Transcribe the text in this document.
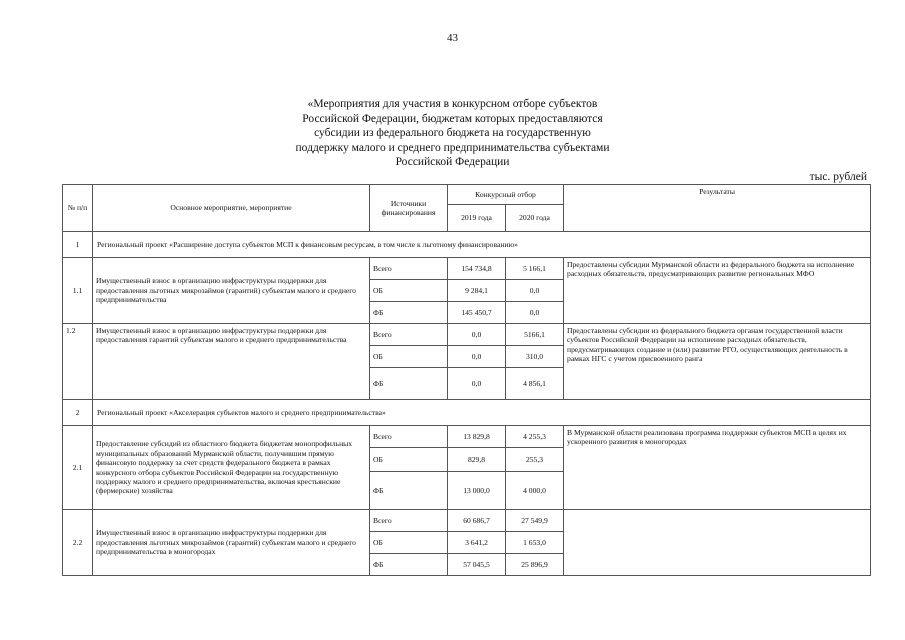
43
«Мероприятия для участия в конкурсном отборе субъектов
Российской Федерации, бюджетам которых предоставляются
субсидии из федерального бюджета на государственную
поддержку малого и среднего предпринимательства субъектами
Российской Федерации
тыс. рублей
№ п/п	Основное мероприятие, мероприятие	Источники финансирования	Конкурсный отбор		Результаты
			2019 года	2020 года	
1	Региональный проект «Расширение доступа субъектов МСП к финансовым ресурсам, в том числе к льготному финансированию»				
1.1	Имущественный взнос в организацию инфраструктуры поддержки для предоставления льготных микрозаймов (гарантий) субъектам малого и среднего предпринимательства	Всего	154 734,8	5 166,1	Предоставлены субсидии Мурманской области из федерального бюджета на исполнение расходных обязательств, предусматривающих развитие региональных МФО
		ОБ	9 284,1	0,0	
		ФБ	145 450,7	0,0	
1.2	Имущественный взнос в организацию инфраструктуры поддержки для предоставления гарантий субъектам малого и среднего предпринимательства	Всего	0,0	5166,1	Предоставлены субсидии из федерального бюджета органам государственной власти субъектов Российской Федерации на исполнение расходных обязательств, предусматривающих создание и (или) развитие РГО, осуществляющих деятельность в рамках НГС с учетом присвоенного ранга
		ОБ	0,0	310,0	
		ФБ	0,0	4 856,1	
2	Региональный проект «Акселерация субъектов малого и среднего предпринимательства»				
2.1	Предоставление субсидий из областного бюджета бюджетам монопрофильных муниципальных образований Мурманской области, получившим прямую финансовую поддержку за счет средств федерального бюджета в рамках конкурсного отбора субъектов Российской Федерации на государственную поддержку малого и среднего предпринимательства, включая крестьянские (фермерские) хозяйства	Всего	13 829,8	4 255,3	В Мурманской области реализована программа поддержки субъектов МСП в целях их ускоренного развития в моногородах
		ОБ	829,8	255,3	
		ФБ	13 000,0	4 000,0	
2.2	Имущественный взнос в организацию инфраструктуры поддержки для предоставления льготных микрозаймов (гарантий) субъектам малого и среднего предпринимательства в моногородах	Всего	60 686,7	27 549,9	
		ОБ	3 641,2	1 653,0	
		ФБ	57 045,5	25 896,9	
